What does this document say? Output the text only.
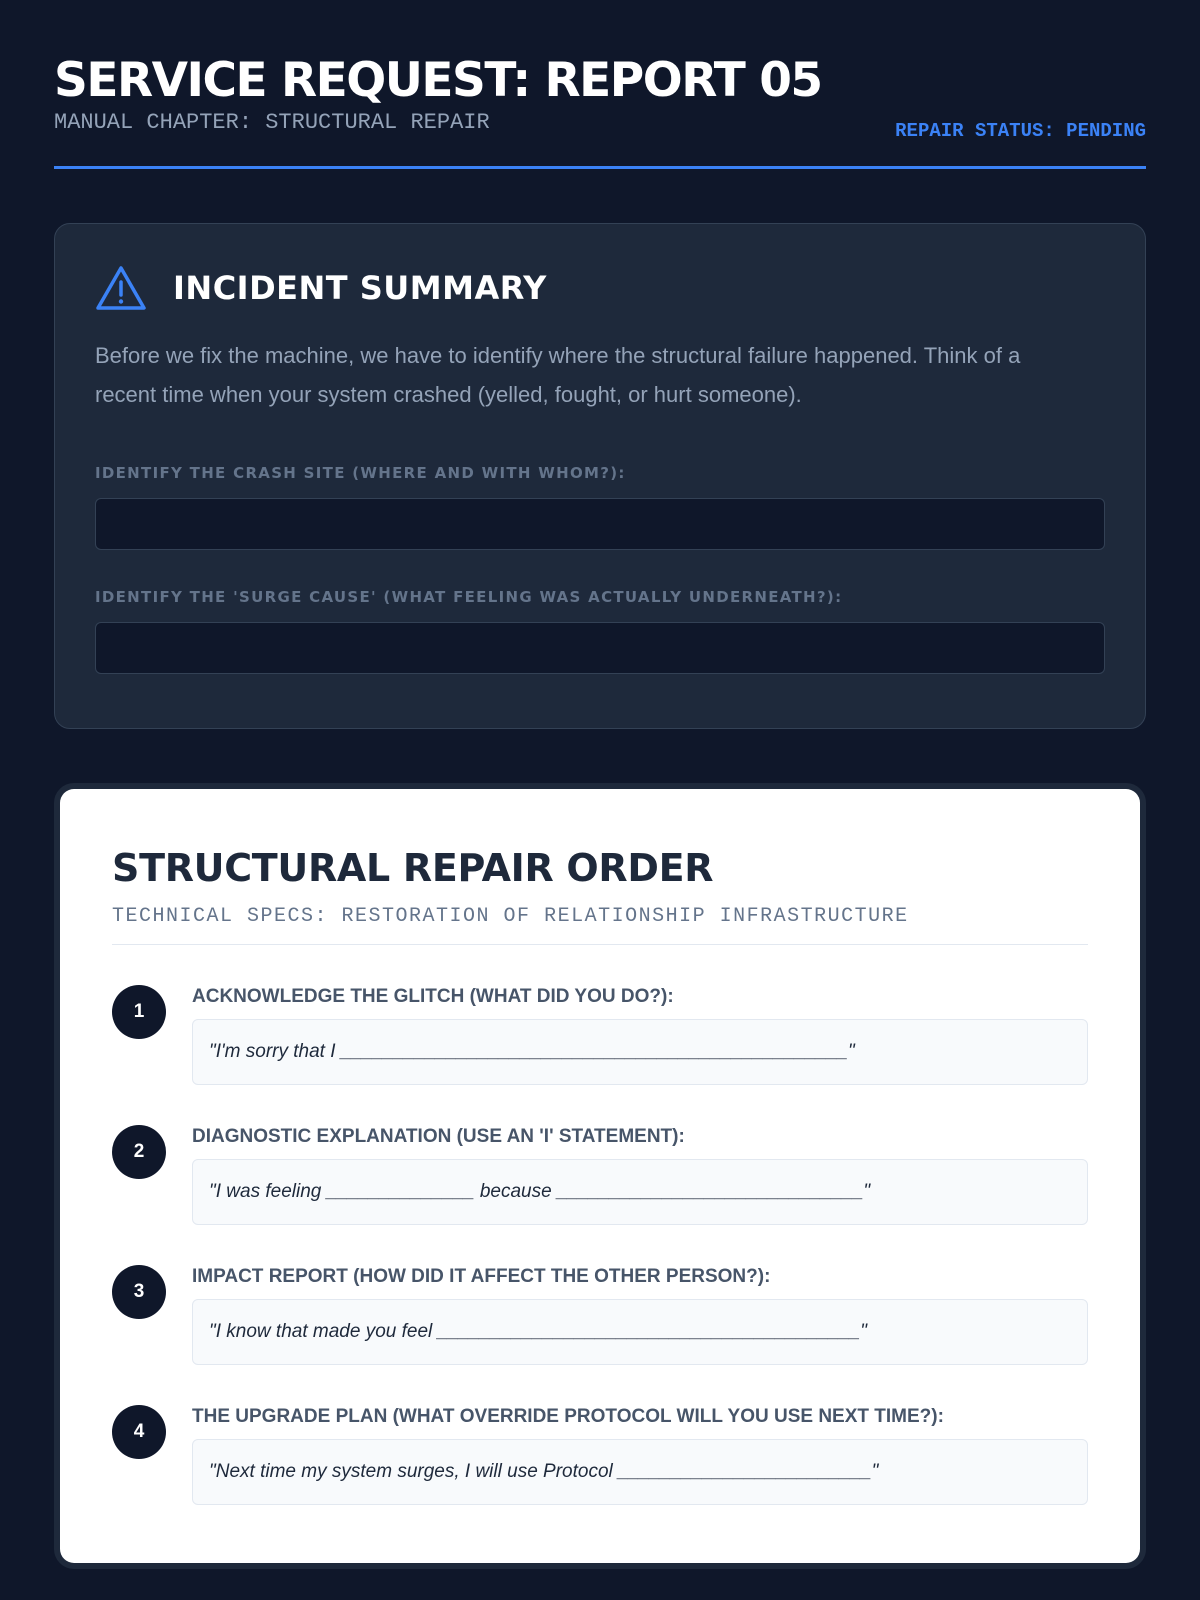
SERVICE REQUEST: REPORT 05
MANUAL CHAPTER: STRUCTURAL REPAIR	REPAIR STATUS: PENDING
INCIDENT SUMMARY
Before we fix the machine, we have to identify where the structural failure happened. Think of a recent time when your system crashed (yelled, fought, or hurt someone).
IDENTIFY THE CRASH SITE (WHERE AND WITH WHOM?):
IDENTIFY THE 'SURGE CAUSE' (WHAT FEELING WAS ACTUALLY UNDERNEATH?):
STRUCTURAL REPAIR ORDER
TECHNICAL SPECS: RESTORATION OF RELATIONSHIP INFRASTRUCTURE
1
ACKNOWLEDGE THE GLITCH (WHAT DID YOU DO?):
"I'm sorry that I ________________________________________________"
2
DIAGNOSTIC EXPLANATION (USE AN 'I' STATEMENT):
"I was feeling ______________ because _____________________________"
3
IMPACT REPORT (HOW DID IT AFFECT THE OTHER PERSON?):
"I know that made you feel ________________________________________"
4
THE UPGRADE PLAN (WHAT OVERRIDE PROTOCOL WILL YOU USE NEXT TIME?):
"Next time my system surges, I will use Protocol ________________________"
